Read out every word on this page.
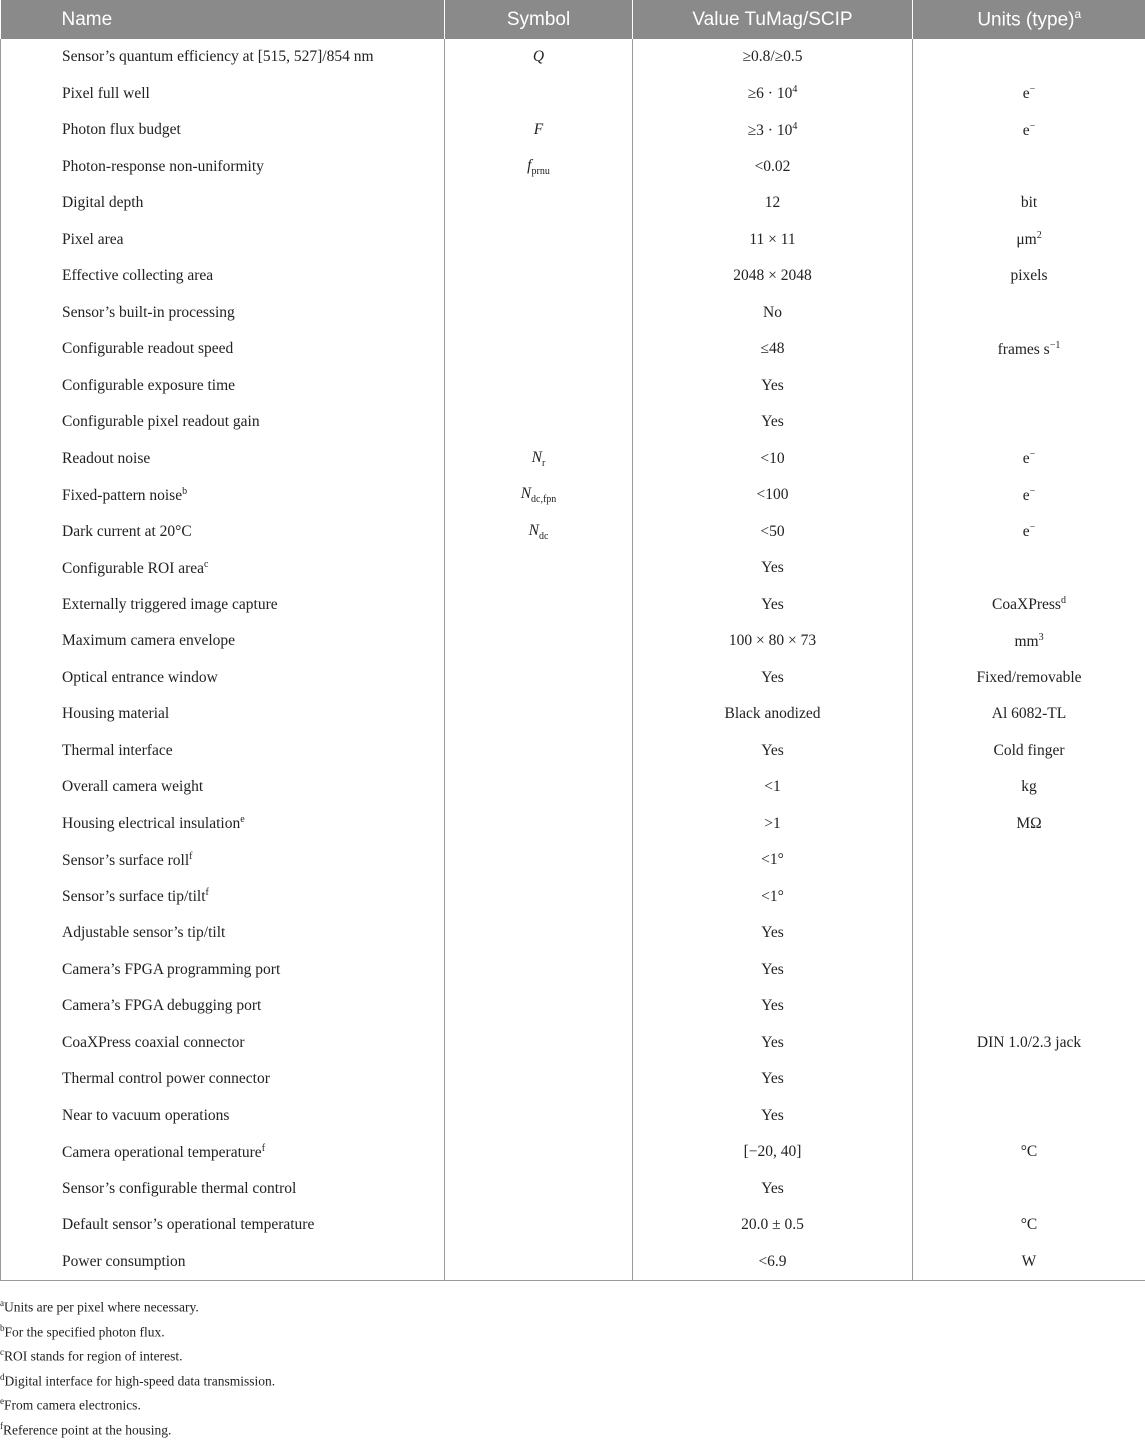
Name	Symbol	Value TuMag/SCIP	Units (type)$^a$
Sensor’s quantum efficiency at [515, 527]/854 nm	Q	≥0.8/≥0.5	
Pixel full well		$\ge 6 \cdot 10^4$	e−
Photon flux budget	F	$\ge 3 \cdot 10^4$	e−
Photon-response non-uniformity	$f_{prnu}$	<0.02	
Digital depth		12	bit
Pixel area		11 × 11	$\mu m^2$
Effective collecting area		2048 × 2048	pixels
Sensor’s built-in processing		No	
Configurable readout speed		≤48	frames $s^{-1}$
Configurable exposure time		Yes	
Configurable pixel readout gain		Yes	
Readout noise	$N_r$	<10	e−
Fixed-pattern noise$^b$	$N_{dc,fpn}$	<100	e−
Dark current at 20°C	$N_{dc}$	<50	e−
Configurable ROI area$^c$		Yes	
Externally triggered image capture		Yes	CoaXPress$^d$
Maximum camera envelope		100 × 80 × 73	$mm^3$
Optical entrance window		Yes	Fixed/removable
Housing material		Black anodized	Al 6082-TL
Thermal interface		Yes	Cold finger
Overall camera weight		<1	kg
Housing electrical insulation$^e$		>1	MΩ
Sensor’s surface roll$^f$		<1°	
Sensor’s surface tip/tilt$^f$		<1°	
Adjustable sensor’s tip/tilt		Yes	
Camera’s FPGA programming port		Yes	
Camera’s FPGA debugging port		Yes	
CoaXPress coaxial connector		Yes	DIN 1.0/2.3 jack
Thermal control power connector		Yes	
Near to vacuum operations		Yes	
Camera operational temperature$^f$		[−20, 40]	°C
Sensor’s configurable thermal control		Yes	
Default sensor’s operational temperature		20.0 ± 0.5	°C
Power consumption		<6.9	W
$^a$Units are per pixel where necessary.
$^b$For the specified photon flux.
$^c$ROI stands for region of interest.
$^d$Digital interface for high-speed data transmission.
$^e$From camera electronics.
$^f$Reference point at the housing.
